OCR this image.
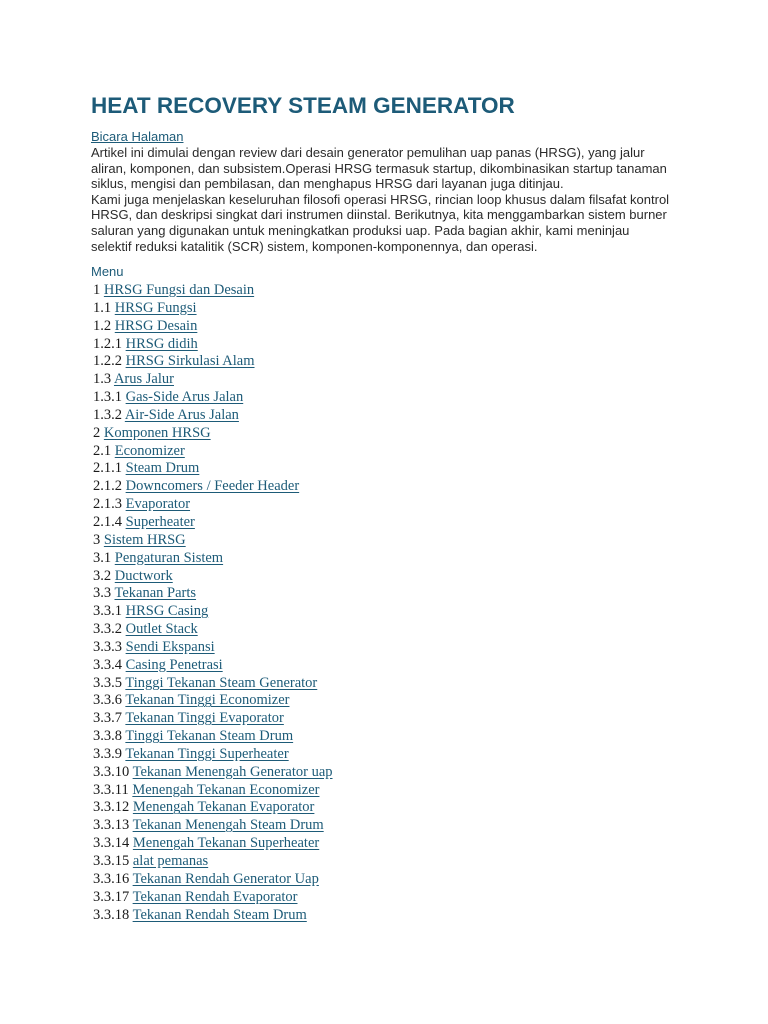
HEAT RECOVERY STEAM GENERATOR
Bicara Halaman

Artikel ini dimulai dengan review dari desain generator pemulihan uap panas (HRSG), yang jalur
aliran, komponen, dan subsistem.Operasi HRSG termasuk startup, dikombinasikan startup tanaman
siklus, mengisi dan pembilasan, dan menghapus HRSG dari layanan juga ditinjau.

Kami juga menjelaskan keseluruhan filosofi operasi HRSG, rincian loop khusus dalam filsafat kontrol
HRSG, dan deskripsi singkat dari instrumen diinstal. Berikutnya, kita menggambarkan sistem burner
saluran yang digunakan untuk meningkatkan produksi uap. Pada bagian akhir, kami meninjau
selektif reduksi katalitik (SCR) sistem, komponen-komponennya, dan operasi.

Menu
1 HRSG Fungsi dan Desain
1.1 HRSG Fungsi
1.2 HRSG Desain
1.2.1 HRSG didih
1.2.2 HRSG Sirkulasi Alam
1.3 Arus Jalur
1.3.1 Gas-Side Arus Jalan
1.3.2 Air-Side Arus Jalan
2 Komponen HRSG
2.1 Economizer
2.1.1 Steam Drum
2.1.2 Downcomers / Feeder Header
2.1.3 Evaporator
2.1.4 Superheater
3 Sistem HRSG
3.1 Pengaturan Sistem
3.2 Ductwork
3.3 Tekanan Parts
3.3.1 HRSG Casing
3.3.2 Outlet Stack
3.3.3 Sendi Ekspansi
3.3.4 Casing Penetrasi
3.3.5 Tinggi Tekanan Steam Generator
3.3.6 Tekanan Tinggi Economizer
3.3.7 Tekanan Tinggi Evaporator
3.3.8 Tinggi Tekanan Steam Drum
3.3.9 Tekanan Tinggi Superheater
3.3.10 Tekanan Menengah Generator uap
3.3.11 Menengah Tekanan Economizer
3.3.12 Menengah Tekanan Evaporator
3.3.13 Tekanan Menengah Steam Drum
3.3.14 Menengah Tekanan Superheater
3.3.15 alat pemanas
3.3.16 Tekanan Rendah Generator Uap
3.3.17 Tekanan Rendah Evaporator
3.3.18 Tekanan Rendah Steam Drum
